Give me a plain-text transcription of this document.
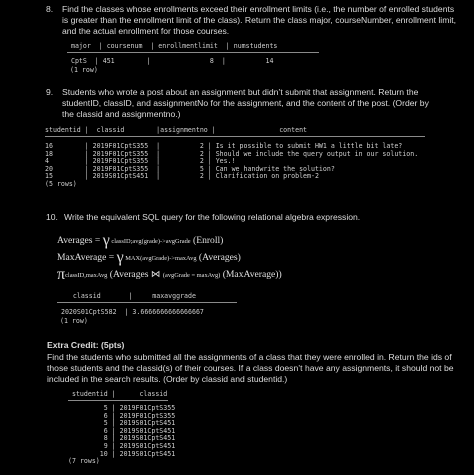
8. Find the classes whose enrollments exceed their enrollment limits (i.e., the number of enrolled students is greater than the enrollment limit of the class). Return the class major, courseNumber, enrollment limit, and the actual enrollment for those courses.
major  | coursenum  | enrollmentlimit  | numstudents
CptS  | 451        |               8  |          14
(1 row)
9. Students who wrote a post about an assignment but didn’t submit that assignment. Return the studentID, classID, and assignmentNo for the assignment, and the content of the post. (Order by the classid and assignmentno.)
studentid |  classid        |assignmentno |                content
16        | 2019F01CptS355  |          2 | Is it possible to submit HW1 a little bit late?
18        | 2019F01CptS355  |          2 | Should we include the query output in our solution.
4         | 2019F01CptS355  |          2 | Yes.!
20        | 2019F01CptS355  |          5 | Can we handwrite the solution?
15        | 2019S01CptS451  |          2 | Clarification on problem-2
(5 rows)
10. Write the equivalent SQL query for the following relational algebra expression.
Averages = γ classID;avg(grade)->avgGrade (Enroll)
MaxAverage = γ MAX(avgGrade)->maxAvg (Averages)
πclassID,maxAvg (Averages ⋈ (avgGrade = maxAvg) (MaxAverage))
classid       |     maxavggrade
2020S01CptS582  | 3.6666666666666667
(1 row)
Extra Credit: (5pts)
Find the students who submitted all the assignments of a class that they were enrolled in. Return the ids of those students and the classid(s) of their courses. If a class doesn’t have any assignments, it should not be included in the search results. (Order by classid and studentid.)
studentid |      classid
5 | 2019F01CptS355
6 | 2019F01CptS355
5 | 2019S01CptS451
6 | 2019S01CptS451
8 | 2019S01CptS451
9 | 2019S01CptS451
10 | 2019S01CptS451
(7 rows)
